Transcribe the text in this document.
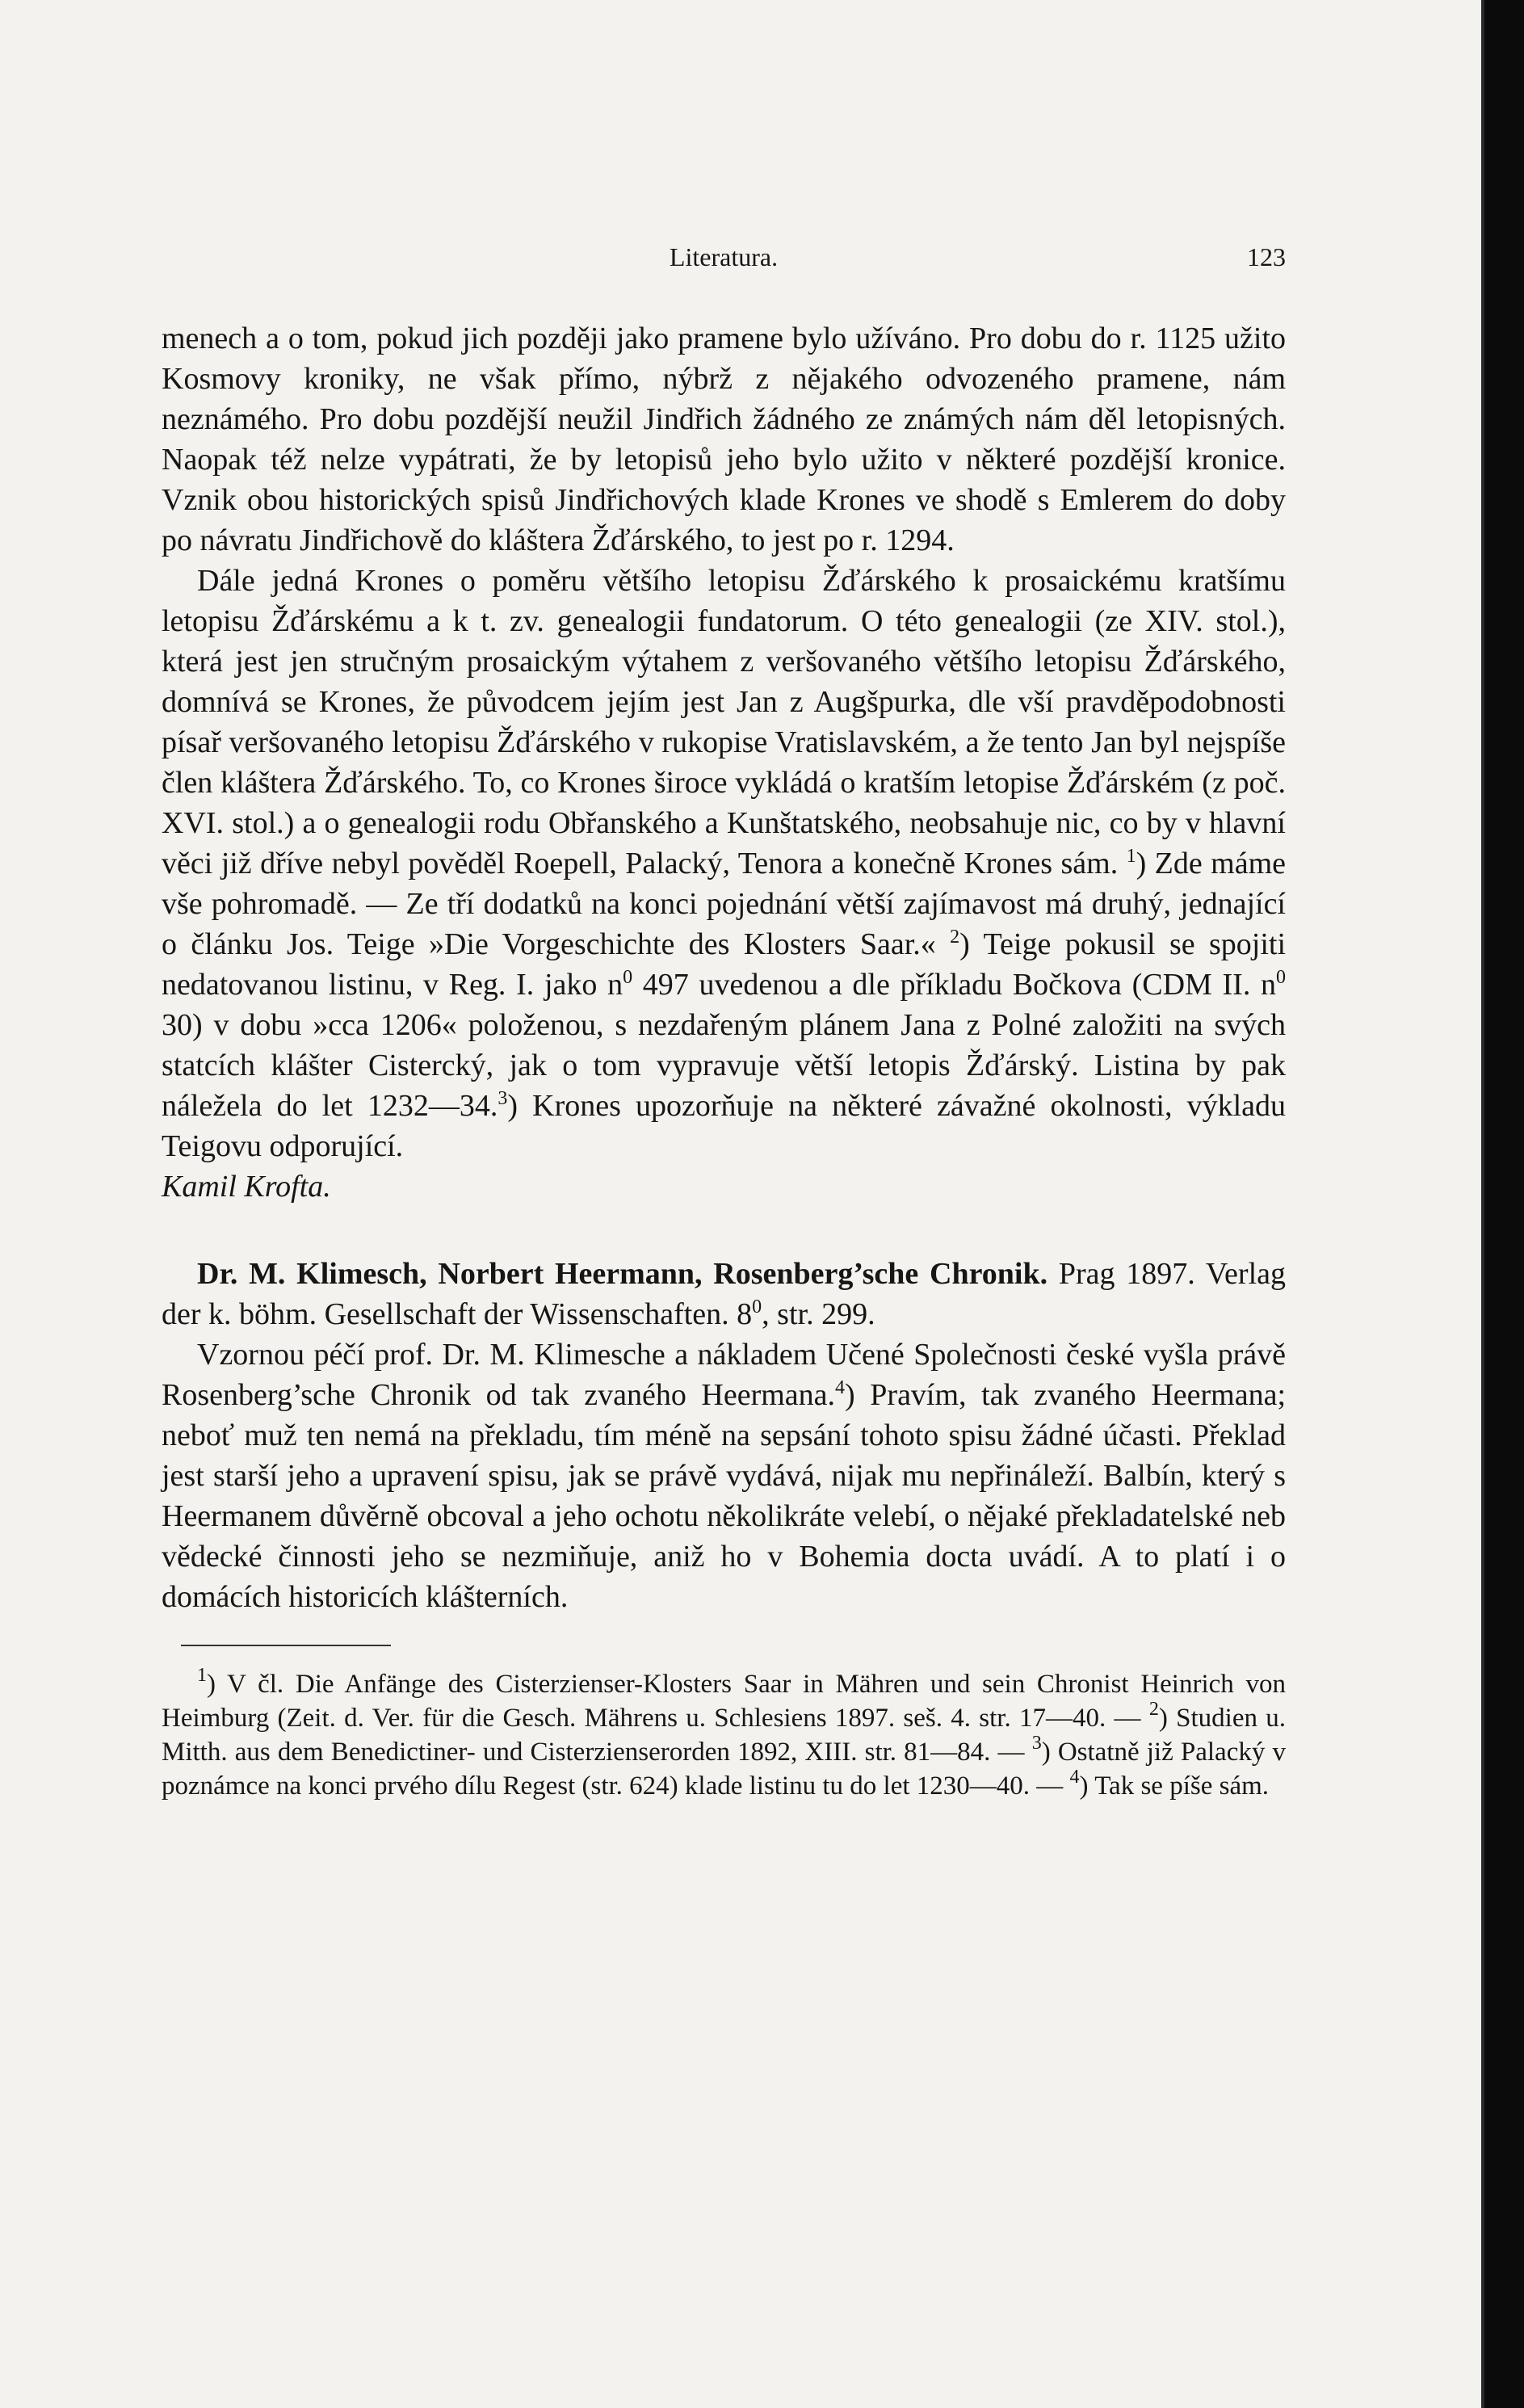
Literatura.	123

menech a o tom, pokud jich později jako pramene bylo užíváno. Pro dobu do r. 1125 užito Kosmovy kroniky, ne však přímo, nýbrž z nějakého odvozeného pramene, nám neznámého. Pro dobu pozdější neužil Jindřich žádného ze známých nám děl letopisných. Naopak též nelze vypátrati, že by letopisů jeho bylo užito v některé pozdější kronice. Vznik obou historických spisů Jindřichových klade Krones ve shodě s Emlerem do doby po návratu Jindřichově do kláštera Žďárského, to jest po r. 1294.

Dále jedná Krones o poměru většího letopisu Žďárského k prosaickému kratšímu letopisu Žďárskému a k t. zv. genealogii fundatorum. O této genealogii (ze XIV. stol.), která jest jen stručným prosaickým výtahem z veršovaného většího letopisu Žďárského, domnívá se Krones, že původcem jejím jest Jan z Augšpurka, dle vší pravděpodobnosti písař veršovaného letopisu Žďárského v rukopise Vratislavském, a že tento Jan byl nejspíše člen kláštera Žďárského. To, co Krones široce vykládá o kratším letopise Žďárském (z poč. XVI. stol.) a o genealogii rodu Obřanského a Kunštatského, neobsahuje nic, co by v hlavní věci již dříve nebyl pověděl Roepell, Palacký, Tenora a konečně Krones sám. $^1$) Zde máme vše pohromadě. — Ze tří dodatků na konci pojednání větší zajímavost má druhý, jednající o článku Jos. Teige »Die Vorgeschichte des Klosters Saar.« $^2$) Teige pokusil se spojiti nedatovanou listinu, v Reg. I. jako $n^0$ 497 uvedenou a dle příkladu Bočkova (CDM II. $n^0$ 30) v dobu »cca 1206« položenou, s nezdařeným plánem Jana z Polné založiti na svých statcích klášter Cistercký, jak o tom vypravuje větší letopis Žďárský. Listina by pak náležela do let 1232—34.$^3$) Krones upozorňuje na některé závažné okolnosti, výkladu Teigovu odporující.

Kamil Krofta.

Dr. M. Klimesch, Norbert Heermann, Rosenberg’sche Chronik. Prag 1897. Verlag der k. böhm. Gesellschaft der Wissenschaften. $8^0$, str. 299.

Vzornou péčí prof. Dr. M. Klimesche a nákladem Učené Společnosti české vyšla právě Rosenberg’sche Chronik od tak zvaného Heermana.$^4$) Pravím, tak zvaného Heermana; neboť muž ten nemá na překladu, tím méně na sepsání tohoto spisu žádné účasti. Překlad jest starší jeho a upravení spisu, jak se právě vydává, nijak mu nepřináleží. Balbín, který s Heermanem důvěrně obcoval a jeho ochotu několikráte velebí, o nějaké překladatelské neb vědecké činnosti jeho se nezmiňuje, aniž ho v Bohemia docta uvádí. A to platí i o domácích historicích klášterních.

$^1$) V čl. Die Anfänge des Cisterzienser-Klosters Saar in Mähren und sein Chronist Heinrich von Heimburg (Zeit. d. Ver. für die Gesch. Mährens u. Schlesiens 1897. seš. 4. str. 17—40. — $^2$) Studien u. Mitth. aus dem Benedictiner- und Cisterzienserorden 1892, XIII. str. 81—84. — $^3$) Ostatně již Palacký v poznámce na konci prvého dílu Regest (str. 624) klade listinu tu do let 1230—40. — $^4$) Tak se píše sám.
